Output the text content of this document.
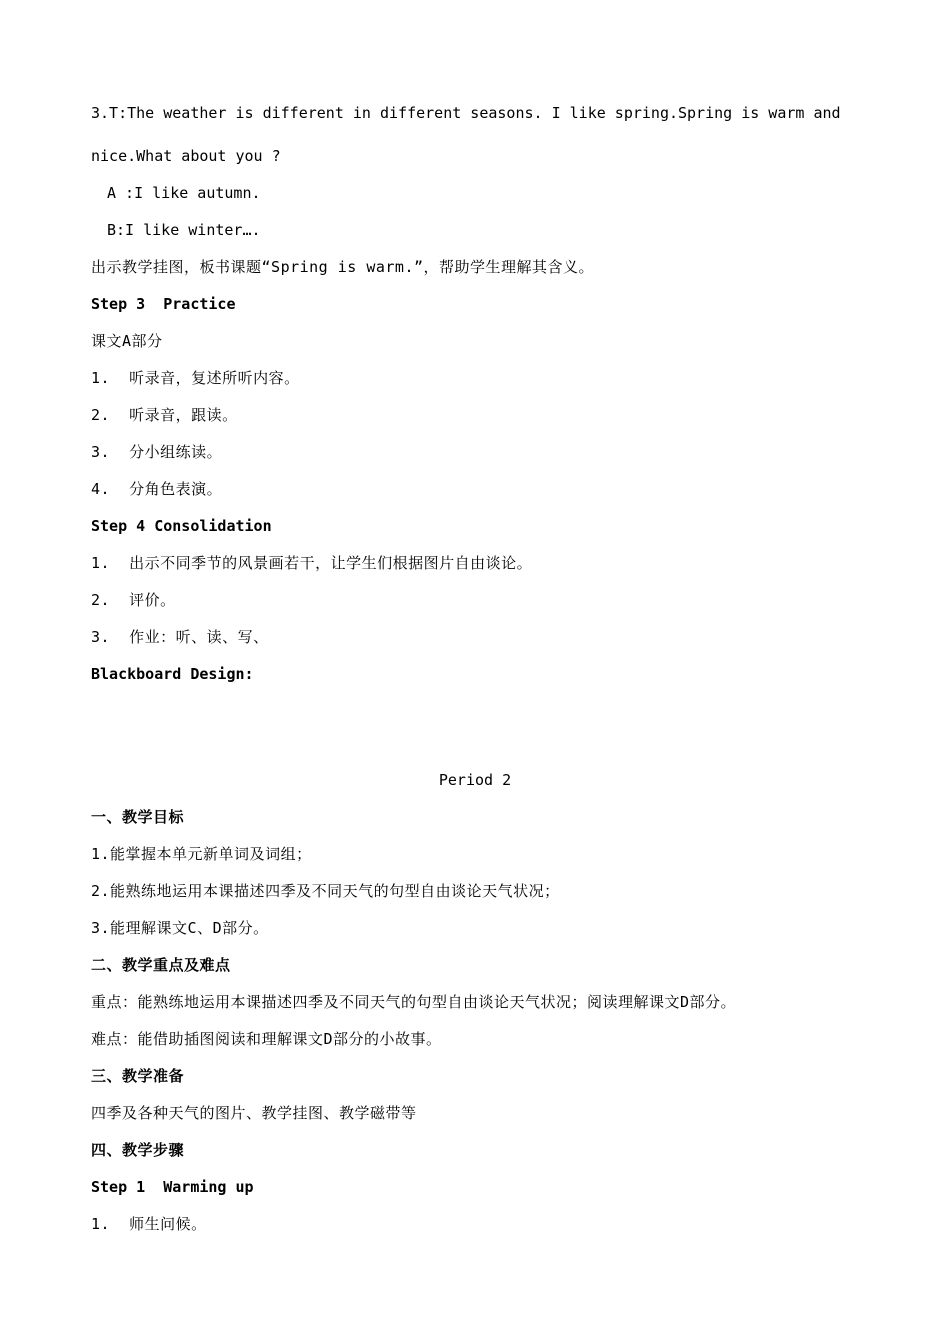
3.T:The weather is different in different seasons. I like spring.Spring is warm and
nice.What about you ?
A :I like autumn.
B:I like winter….
出示教学挂图，板书课题“Spring is warm.”，帮助学生理解其含义。
Step 3  Practice
课文A部分
1.  听录音，复述所听内容。
2.  听录音，跟读。
3.  分小组练读。
4.  分角色表演。
Step 4 Consolidation
1.  出示不同季节的风景画若干，让学生们根据图片自由谈论。
2.  评价。
3.  作业：听、读、写、
Blackboard Design:
Period 2
一、教学目标
1.能掌握本单元新单词及词组；
2.能熟练地运用本课描述四季及不同天气的句型自由谈论天气状况；
3.能理解课文C、D部分。
二、教学重点及难点
重点：能熟练地运用本课描述四季及不同天气的句型自由谈论天气状况；阅读理解课文D部分。
难点：能借助插图阅读和理解课文D部分的小故事。
三、教学准备
四季及各种天气的图片、教学挂图、教学磁带等
四、教学步骤
Step 1  Warming up
1.  师生问候。
